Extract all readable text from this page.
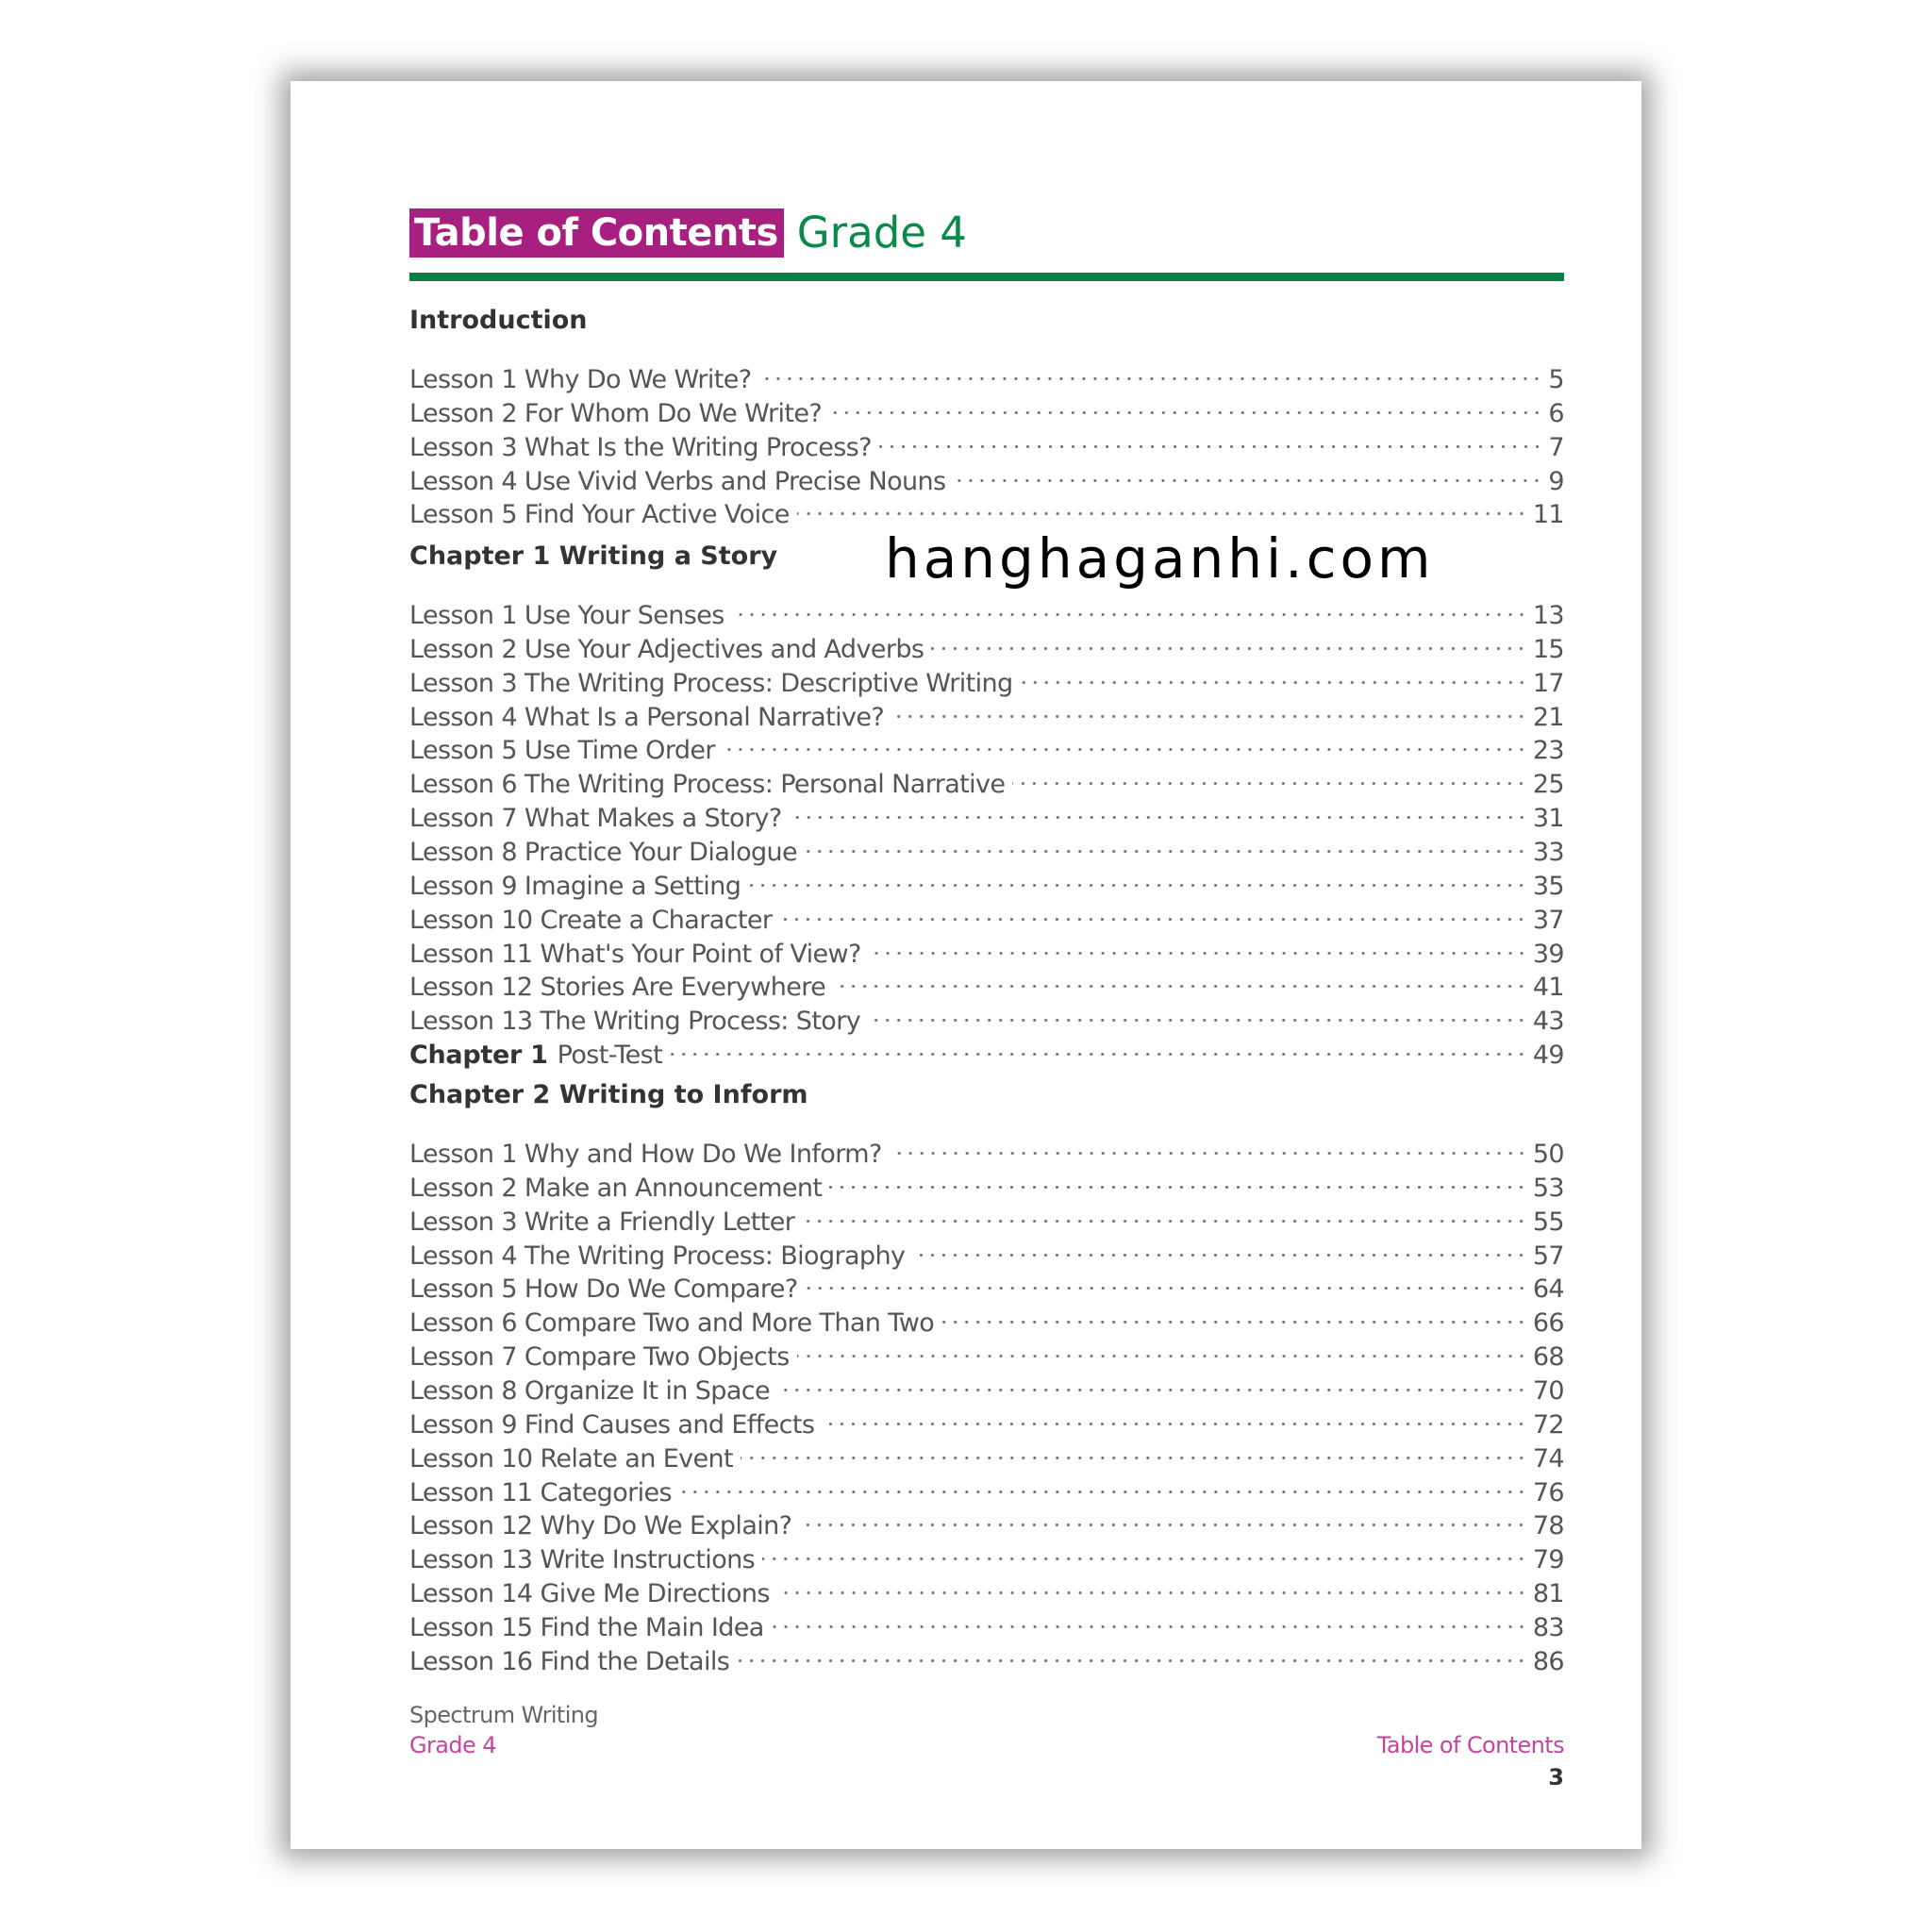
Table of Contents Grade 4
Introduction
Lesson 1 Why Do We Write?	5
Lesson 2 For Whom Do We Write?	6
Lesson 3 What Is the Writing Process?	7
Lesson 4 Use Vivid Verbs and Precise Nouns	9
Lesson 5 Find Your Active Voice	11
Chapter 1 Writing a Story
Lesson 1 Use Your Senses	13
Lesson 2 Use Your Adjectives and Adverbs	15
Lesson 3 The Writing Process: Descriptive Writing	17
Lesson 4 What Is a Personal Narrative?	21
Lesson 5 Use Time Order	23
Lesson 6 The Writing Process: Personal Narrative	25
Lesson 7 What Makes a Story?	31
Lesson 8 Practice Your Dialogue	33
Lesson 9 Imagine a Setting	35
Lesson 10 Create a Character	37
Lesson 11 What's Your Point of View?	39
Lesson 12 Stories Are Everywhere	41
Lesson 13 The Writing Process: Story	43
Chapter 1 Post-Test	49
Chapter 2 Writing to Inform
Lesson 1 Why and How Do We Inform?	50
Lesson 2 Make an Announcement	53
Lesson 3 Write a Friendly Letter	55
Lesson 4 The Writing Process: Biography	57
Lesson 5 How Do We Compare?	64
Lesson 6 Compare Two and More Than Two	66
Lesson 7 Compare Two Objects	68
Lesson 8 Organize It in Space	70
Lesson 9 Find Causes and Effects	72
Lesson 10 Relate an Event	74
Lesson 11 Categories	76
Lesson 12 Why Do We Explain?	78
Lesson 13 Write Instructions	79
Lesson 14 Give Me Directions	81
Lesson 15 Find the Main Idea	83
Lesson 16 Find the Details	86
hanghaganhi.com
Spectrum Writing
Grade 4	Table of Contents
3
